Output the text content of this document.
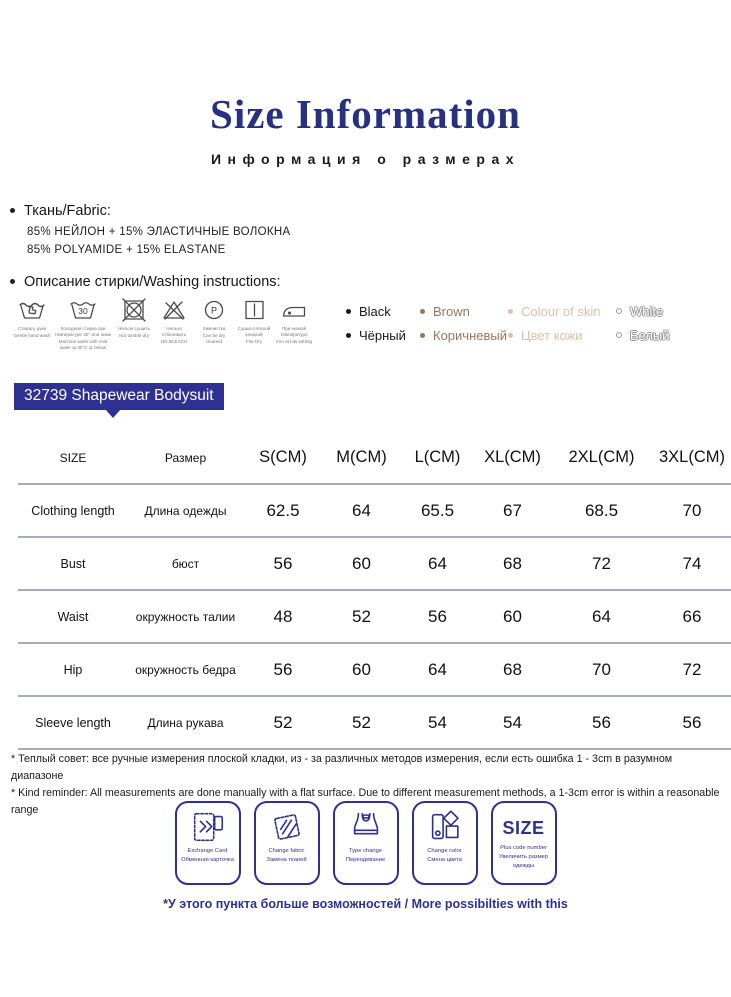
Size Information
Информация о размерах
Ткань/Fabric:
85% НЕЙЛОН + 15% ЭЛАСТИЧНЫЕ ВОЛОКНА
85% POLYAMIDE + 15% ELASTANE
Описание стирки/Washing instructions:
Стирать руки
Gentle hand wash
30
Холодная стирка при температуре 30° или ниже
Machine wash with cold water at 30°C or below
Нельзя сушить
Not tumble dry
Нельзя отбеливать
NO BLEACH
P
Химчистка
Can be dry cleaned
Сушка плоской кладкой
Flat Dry
При низкой температуре
Iron at low setting
Black
Чёрный
Brown
Коричневый
Colour of skin
Цвет кожи
White
Белый
32739 Shapewear Bodysuit
SIZE	Размер	S(CM)	M(CM)	L(CM)	XL(CM)	2XL(CM)	3XL(CM)
Clothing length	Длина одежды	62.5	64	65.5	67	68.5	70
Bust	бюст	56	60	64	68	72	74
Waist	окружность талии	48	52	56	60	64	66
Hip	окружность бедра	56	60	64	68	70	72
Sleeve length	Длина рукава	52	52	54	54	56	56
* Теплый совет: все ручные измерения плоской кладки, из - за различных методов измерения, если есть ошибка 1 - 3cm в разумном диапазоне
* Kind reminder: All measurements are done manually with a flat surface. Due to different measurement methods, a 1-3cm error is within a reasonable range
Exchange Card
Обменная карточка
Change fabric
Замена тканей
Type change
Переодевание
Change color
Смена цвета
SIZE
Plus code number
Увеличить размер одежды
*У этого пункта больше возможностей / More possibilties with this
